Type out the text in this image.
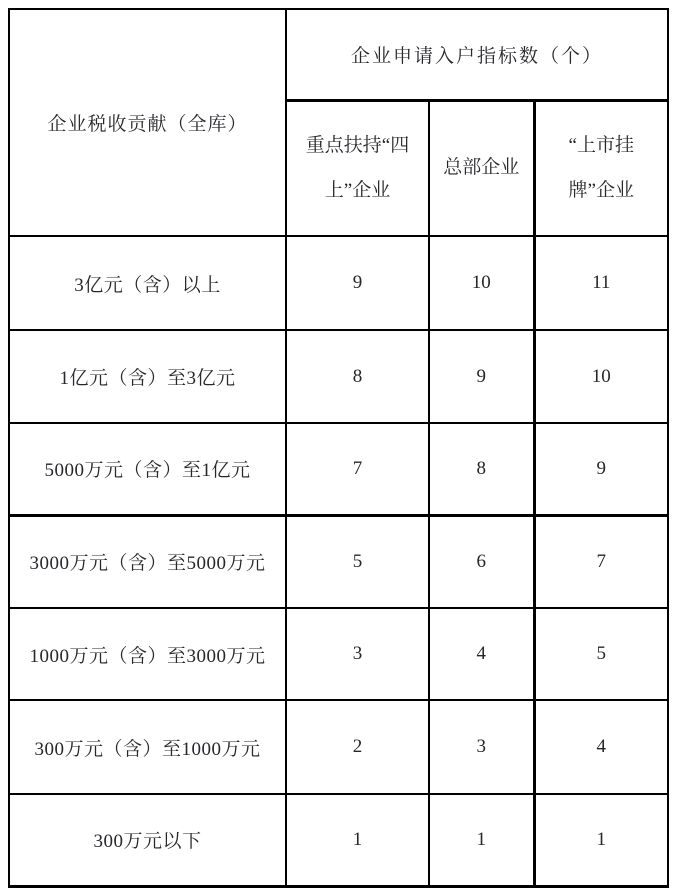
企业税收贡献（全库）	企业申请入户指标数（个）		

	重点扶持“四上”企业	总部企业	“上市挂牌”企业

3亿元（含）以上	9	10	11
1亿元（含）至3亿元	8	9	10
5000万元（含）至1亿元	7	8	9
3000万元（含）至5000万元	5	6	7
1000万元（含）至3000万元	3	4	5
300万元（含）至1000万元	2	3	4
300万元以下	1	1	1
